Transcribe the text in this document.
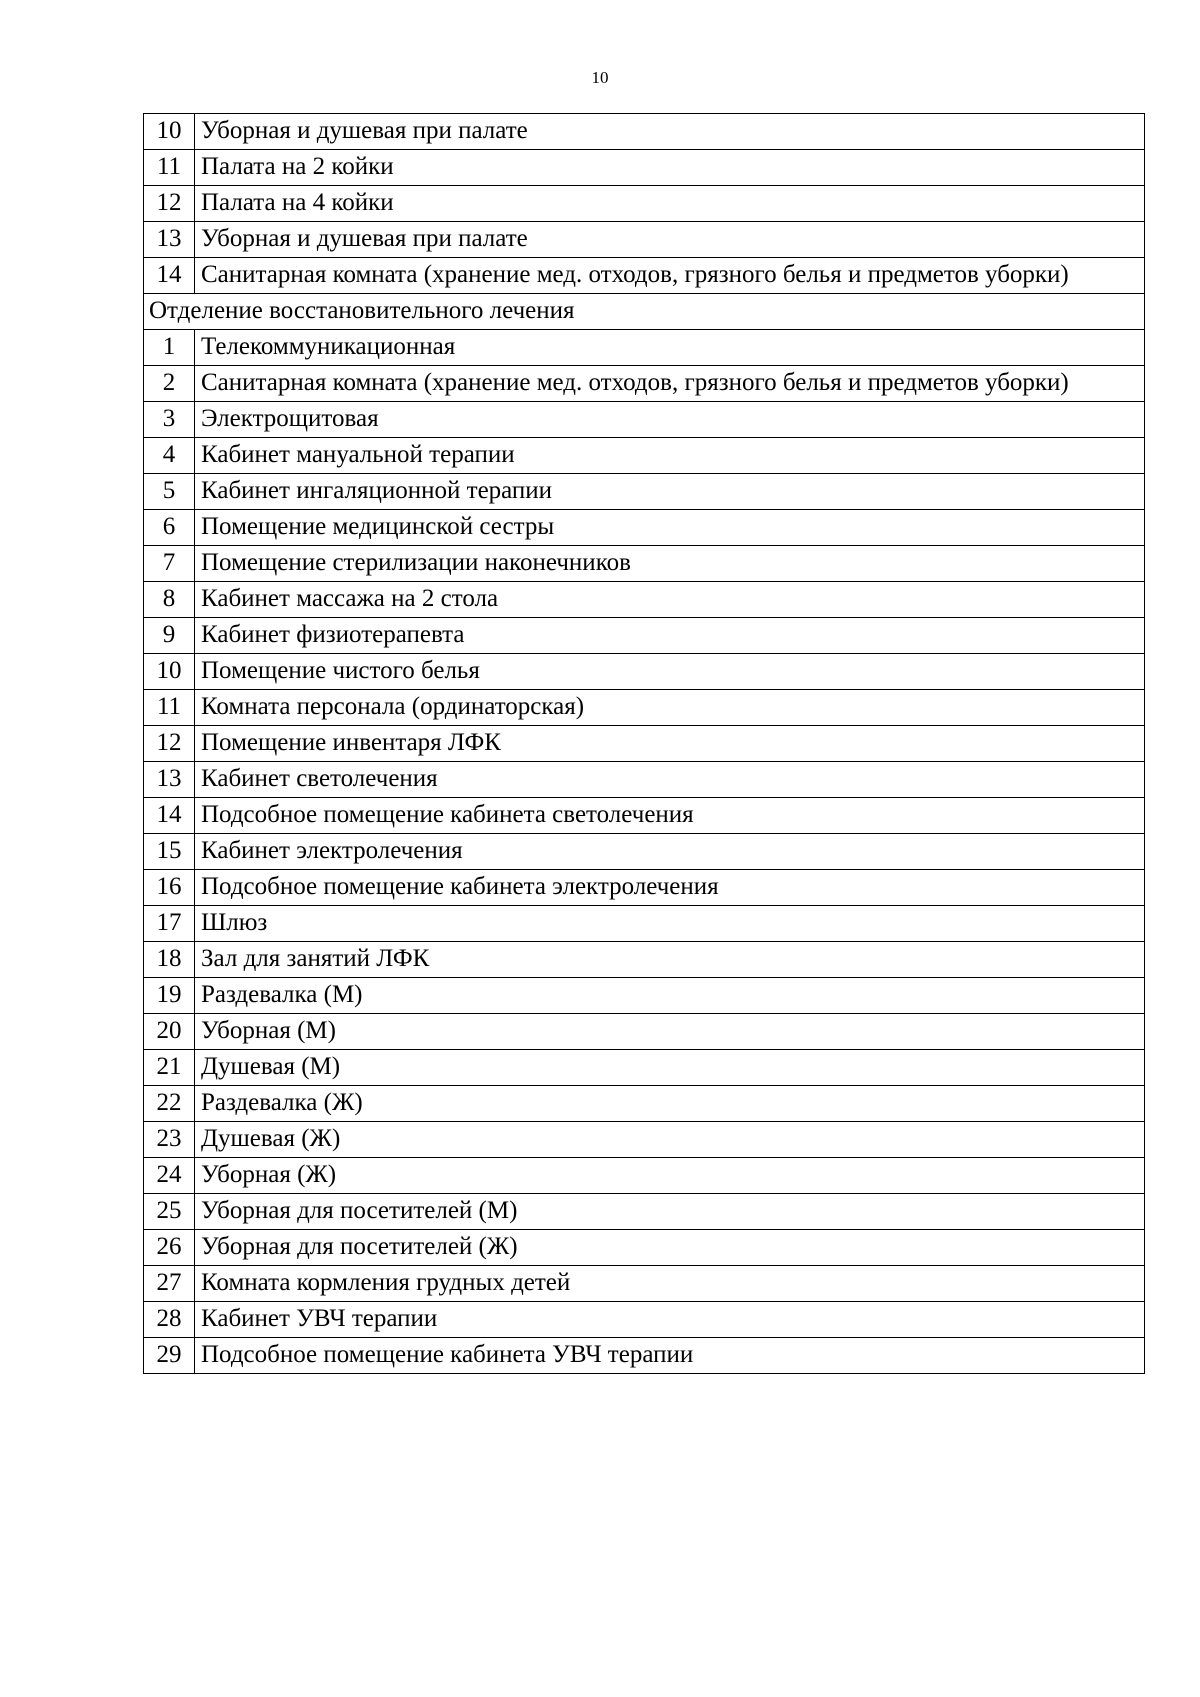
10
10	Уборная и душевая при палате
11	Палата на 2 койки
12	Палата на 4 койки
13	Уборная и душевая при палате
14	Санитарная комната (хранение мед. отходов, грязного белья и предметов уборки)
Отделение восстановительного лечения	
1	Телекоммуникационная
2	Санитарная комната (хранение мед. отходов, грязного белья и предметов уборки)
3	Электрощитовая
4	Кабинет мануальной терапии
5	Кабинет ингаляционной терапии
6	Помещение медицинской сестры
7	Помещение стерилизации наконечников
8	Кабинет массажа на 2 стола
9	Кабинет физиотерапевта
10	Помещение чистого белья
11	Комната персонала (ординаторская)
12	Помещение инвентаря ЛФК
13	Кабинет светолечения
14	Подсобное помещение кабинета светолечения
15	Кабинет электролечения
16	Подсобное помещение кабинета электролечения
17	Шлюз
18	Зал для занятий ЛФК
19	Раздевалка (М)
20	Уборная (М)
21	Душевая (М)
22	Раздевалка (Ж)
23	Душевая (Ж)
24	Уборная (Ж)
25	Уборная для посетителей (М)
26	Уборная для посетителей (Ж)
27	Комната кормления грудных детей
28	Кабинет УВЧ терапии
29	Подсобное помещение кабинета УВЧ терапии
